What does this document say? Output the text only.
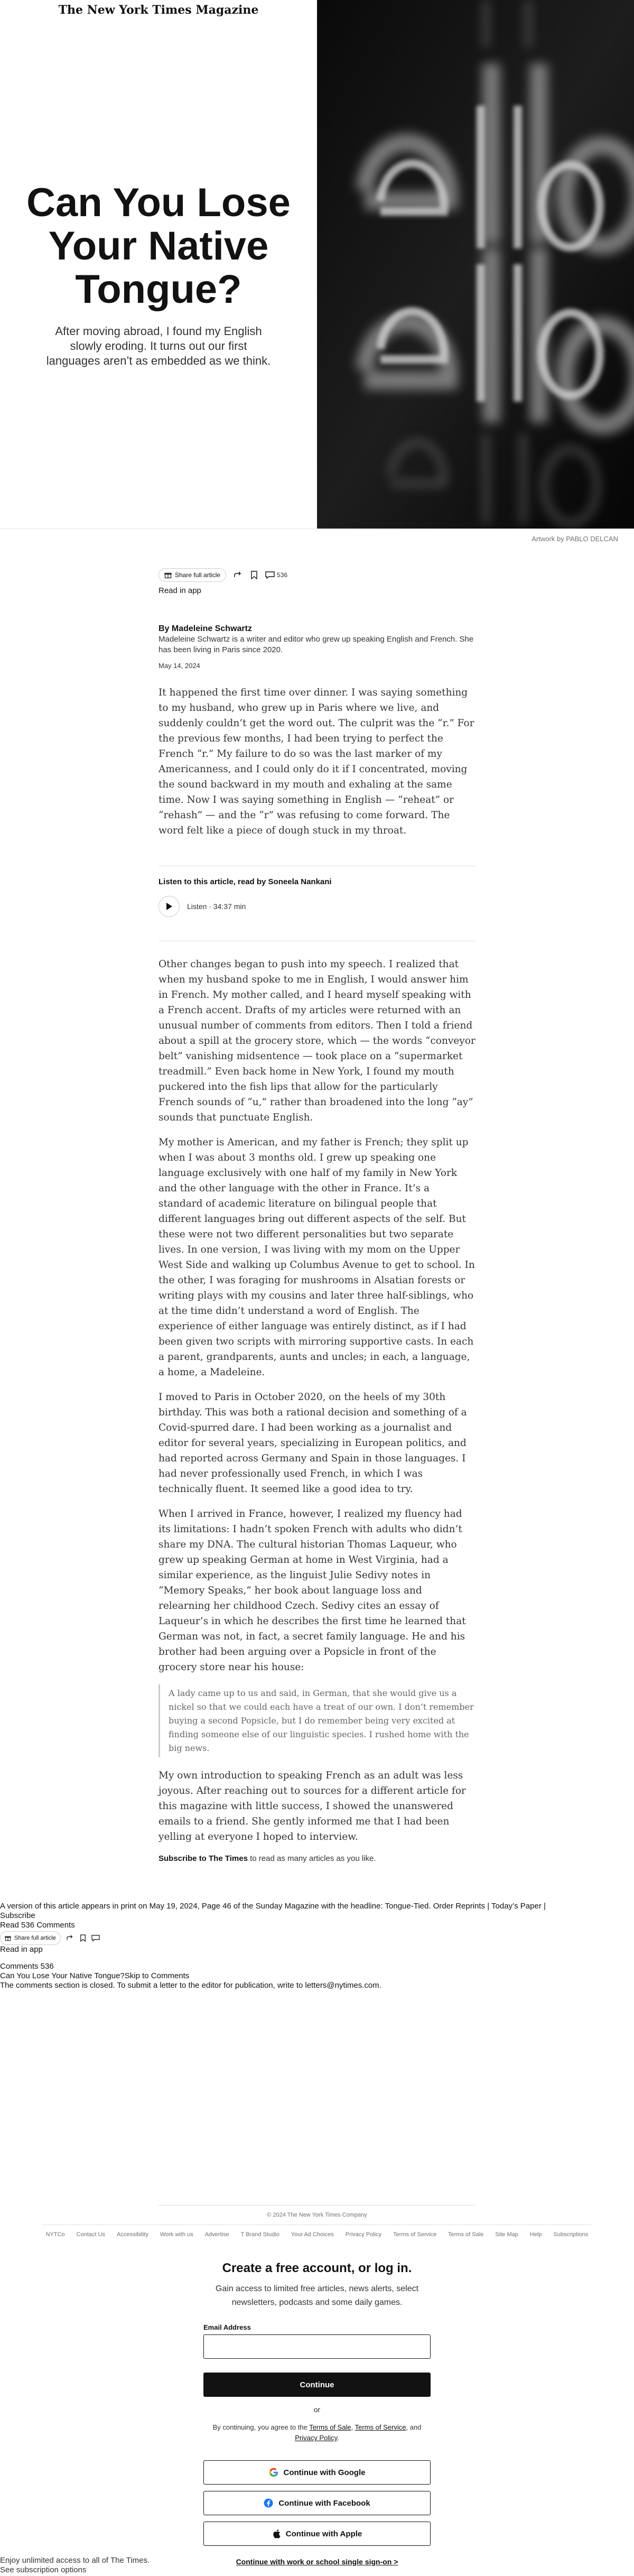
The New York Times Magazine
Can You Lose Your Native Tongue?

After moving abroad, I found my English slowly eroding. It turns out our first languages aren’t as embedded as we think.

Artwork by PABLO DELCAN
Share full article	536
Read in app
By Madeleine Schwartz
Madeleine Schwartz is a writer and editor who grew up speaking English and French. She has been living in Paris since 2020.
May 14, 2024

It happened the first time over dinner. I was saying something to my husband, who grew up in Paris where we live, and suddenly couldn’t get the word out. The culprit was the “r.” For the previous few months, I had been trying to perfect the French “r.” My failure to do so was the last marker of my Americanness, and I could only do it if I concentrated, moving the sound backward in my mouth and exhaling at the same time. Now I was saying something in English — “reheat” or “rehash” — and the “r” was refusing to come forward. The word felt like a piece of dough stuck in my throat.

Listen to this article, read by Soneela Nankani
Listen · 34:37 min

Other changes began to push into my speech. I realized that when my husband spoke to me in English, I would answer him in French. My mother called, and I heard myself speaking with a French accent. Drafts of my articles were returned with an unusual number of comments from editors. Then I told a friend about a spill at the grocery store, which — the words “conveyor belt” vanishing midsentence — took place on a “supermarket treadmill.” Even back home in New York, I found my mouth puckered into the fish lips that allow for the particularly French sounds of “u,” rather than broadened into the long “ay” sounds that punctuate English.

My mother is American, and my father is French; they split up when I was about 3 months old. I grew up speaking one language exclusively with one half of my family in New York and the other language with the other in France. It’s a standard of academic literature on bilingual people that different languages bring out different aspects of the self. But these were not two different personalities but two separate lives. In one version, I was living with my mom on the Upper West Side and walking up Columbus Avenue to get to school. In the other, I was foraging for mushrooms in Alsatian forests or writing plays with my cousins and later three half-siblings, who at the time didn’t understand a word of English. The experience of either language was entirely distinct, as if I had been given two scripts with mirroring supportive casts. In each a parent, grandparents, aunts and uncles; in each, a language, a home, a Madeleine.

I moved to Paris in October 2020, on the heels of my 30th birthday. This was both a rational decision and something of a Covid-spurred dare. I had been working as a journalist and editor for several years, specializing in European politics, and had reported across Germany and Spain in those languages. I had never professionally used French, in which I was technically fluent. It seemed like a good idea to try.

When I arrived in France, however, I realized my fluency had its limitations: I hadn’t spoken French with adults who didn’t share my DNA. The cultural historian Thomas Laqueur, who grew up speaking German at home in West Virginia, had a similar experience, as the linguist Julie Sedivy notes in “Memory Speaks,” her book about language loss and relearning her childhood Czech. Sedivy cites an essay of Laqueur’s in which he describes the first time he learned that German was not, in fact, a secret family language. He and his brother had been arguing over a Popsicle in front of the grocery store near his house:

A lady came up to us and said, in German, that she would give us a nickel so that we could each have a treat of our own. I don’t remember buying a second Popsicle, but I do remember being very excited at finding someone else of our linguistic species. I rushed home with the big news.

My own introduction to speaking French as an adult was less joyous. After reaching out to sources for a different article for this magazine with little success, I showed the unanswered emails to a friend. She gently informed me that I had been yelling at everyone I hoped to interview.

Subscribe to The Times to read as many articles as you like.
A version of this article appears in print on May 19, 2024, Page 46 of the Sunday Magazine with the headline: Tongue-Tied. Order Reprints | Today’s Paper |
Subscribe
Read 536 Comments
Share full article
Read in app
Comments 536
Can You Lose Your Native Tongue?Skip to Comments
The comments section is closed. To submit a letter to the editor for publication, write to letters@nytimes.com.
© 2024 The New York Times Company
NYTCo Contact Us Accessibility Work with us Advertise T Brand Studio Your Ad Choices Privacy Policy Terms of Service Terms of Sale Site Map Help Subscriptions
Create a free account, or log in.

Gain access to limited free articles, news alerts, select newsletters, podcasts and some daily games.

Email Address
Continue
or
By continuing, you agree to the Terms of Sale, Terms of Service, and
Privacy Policy.
Continue with Google
Continue with Facebook
Continue with Apple
Continue with work or school single sign-on >
Enjoy unlimited access to all of The Times.
See subscription options
